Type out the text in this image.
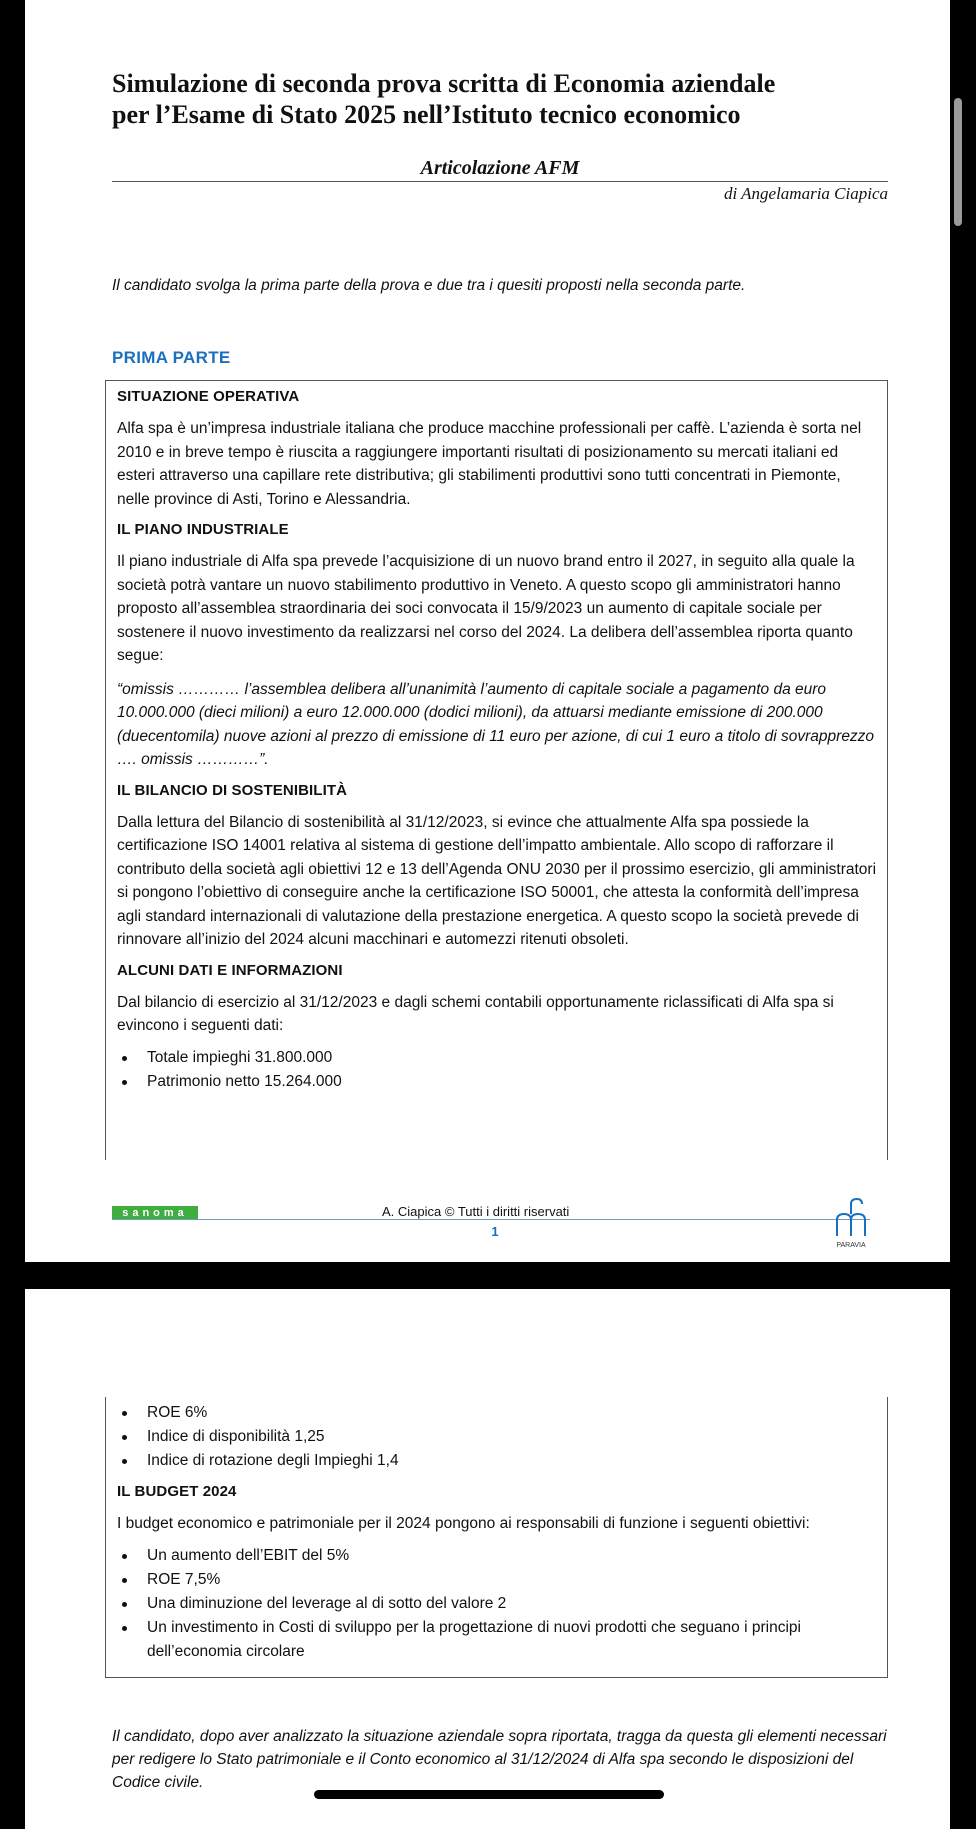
Simulazione di seconda prova scritta di Economia aziendale
per l’Esame di Stato 2025 nell’Istituto tecnico economico
Articolazione AFM
di Angelamaria Ciapica
Il candidato svolga la prima parte della prova e due tra i quesiti proposti nella seconda parte.
PRIMA PARTE
SITUAZIONE OPERATIVA

Alfa spa è un’impresa industriale italiana che produce macchine professionali per caffè. L’azienda è sorta nel 2010 e in breve tempo è riuscita a raggiungere importanti risultati di posizionamento su mercati italiani ed esteri attraverso una capillare rete distributiva; gli stabilimenti produttivi sono tutti concentrati in Piemonte, nelle province di Asti, Torino e Alessandria.

IL PIANO INDUSTRIALE

Il piano industriale di Alfa spa prevede l’acquisizione di un nuovo brand entro il 2027, in seguito alla quale la società potrà vantare un nuovo stabilimento produttivo in Veneto. A questo scopo gli amministratori hanno proposto all’assemblea straordinaria dei soci convocata il 15/9/2023 un aumento di capitale sociale per sostenere il nuovo investimento da realizzarsi nel corso del 2024. La delibera dell’assemblea riporta quanto segue:

“omissis ………… l’assemblea delibera all’unanimità l’aumento di capitale sociale a pagamento da euro 10.000.000 (dieci milioni) a euro 12.000.000 (dodici milioni), da attuarsi mediante emissione di 200.000 (duecentomila) nuove azioni al prezzo di emissione di 11 euro per azione, di cui 1 euro a titolo di sovrapprezzo …. omissis …………”.

IL BILANCIO DI SOSTENIBILITÀ

Dalla lettura del Bilancio di sostenibilità al 31/12/2023, si evince che attualmente Alfa spa possiede la certificazione ISO 14001 relativa al sistema di gestione dell’impatto ambientale. Allo scopo di rafforzare il contributo della società agli obiettivi 12 e 13 dell’Agenda ONU 2030 per il prossimo esercizio, gli amministratori si pongono l’obiettivo di conseguire anche la certificazione ISO 50001, che attesta la conformità dell’impresa agli standard internazionali di valutazione della prestazione energetica. A questo scopo la società prevede di rinnovare all’inizio del 2024 alcuni macchinari e automezzi ritenuti obsoleti.

ALCUNI DATI E INFORMAZIONI

Dal bilancio di esercizio al 31/12/2023 e dagli schemi contabili opportunamente riclassificati di Alfa spa si evincono i seguenti dati:

Totale impieghi 31.800.000
Patrimonio netto 15.264.000
sanoma	A. Ciapica © Tutti i diritti riservati
1
PARAVIA
ROE 6%
Indice di disponibilità 1,25
Indice di rotazione degli Impieghi 1,4
IL BUDGET 2024

I budget economico e patrimoniale per il 2024 pongono ai responsabili di funzione i seguenti obiettivi:

Un aumento dell’EBIT del 5%
ROE 7,5%
Una diminuzione del leverage al di sotto del valore 2
Un investimento in Costi di sviluppo per la progettazione di nuovi prodotti che seguano i principi dell’economia circolare
Il candidato, dopo aver analizzato la situazione aziendale sopra riportata, tragga da questa gli elementi necessari per redigere lo Stato patrimoniale e il Conto economico al 31/12/2024 di Alfa spa secondo le disposizioni del Codice civile.
